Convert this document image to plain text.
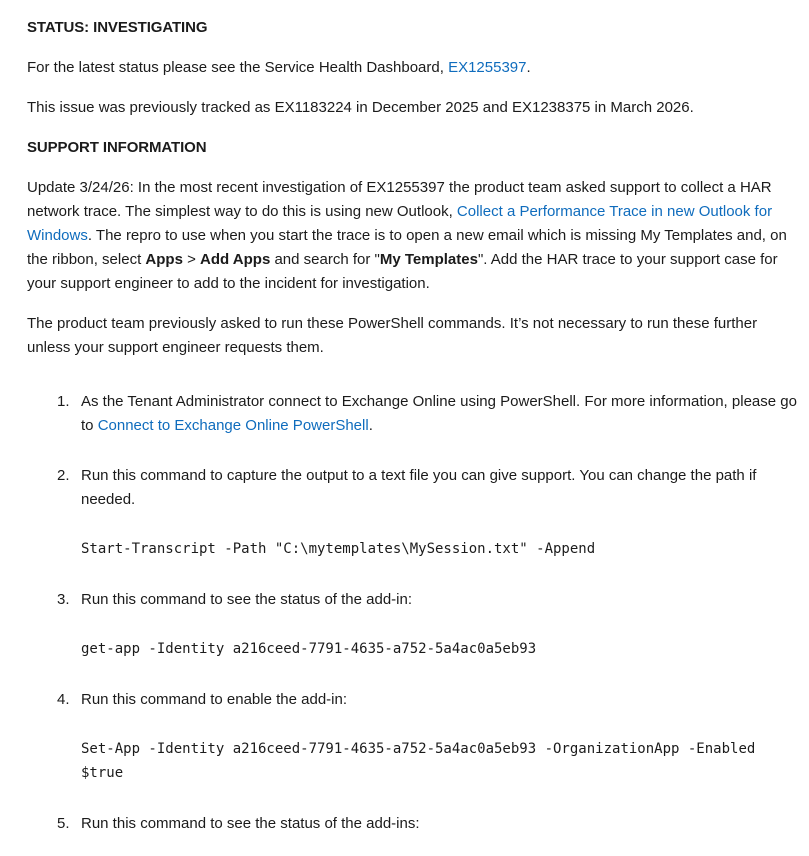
STATUS: INVESTIGATING

For the latest status please see the Service Health Dashboard, EX1255397.

This issue was previously tracked as EX1183224 in December 2025 and EX1238375 in March 2026.

SUPPORT INFORMATION

Update 3/24/26: In the most recent investigation of EX1255397 the product team asked support to collect a HAR network trace. The simplest way to do this is using new Outlook, Collect a Performance Trace in new Outlook for Windows. The repro to use when you start the trace is to open a new email which is missing My Templates and, on the ribbon, select Apps > Add Apps and search for "My Templates". Add the HAR trace to your support case for your support engineer to add to the incident for investigation.

The product team previously asked to run these PowerShell commands. It’s not necessary to run these further unless your support engineer requests them.

1. As the Tenant Administrator connect to Exchange Online using PowerShell. For more information, please go to Connect to Exchange Online PowerShell.
2. Run this command to capture the output to a text file you can give support. You can change the path if needed.
Start-Transcript -Path "C:\mytemplates\MySession.txt" -Append
3. Run this command to see the status of the add-in:
get-app -Identity a216ceed-7791-4635-a752-5a4ac0a5eb93
4. Run this command to enable the add-in:
Set-App -Identity a216ceed-7791-4635-a752-5a4ac0a5eb93 -OrganizationApp -Enabled $true
5. Run this command to see the status of the add-ins:
